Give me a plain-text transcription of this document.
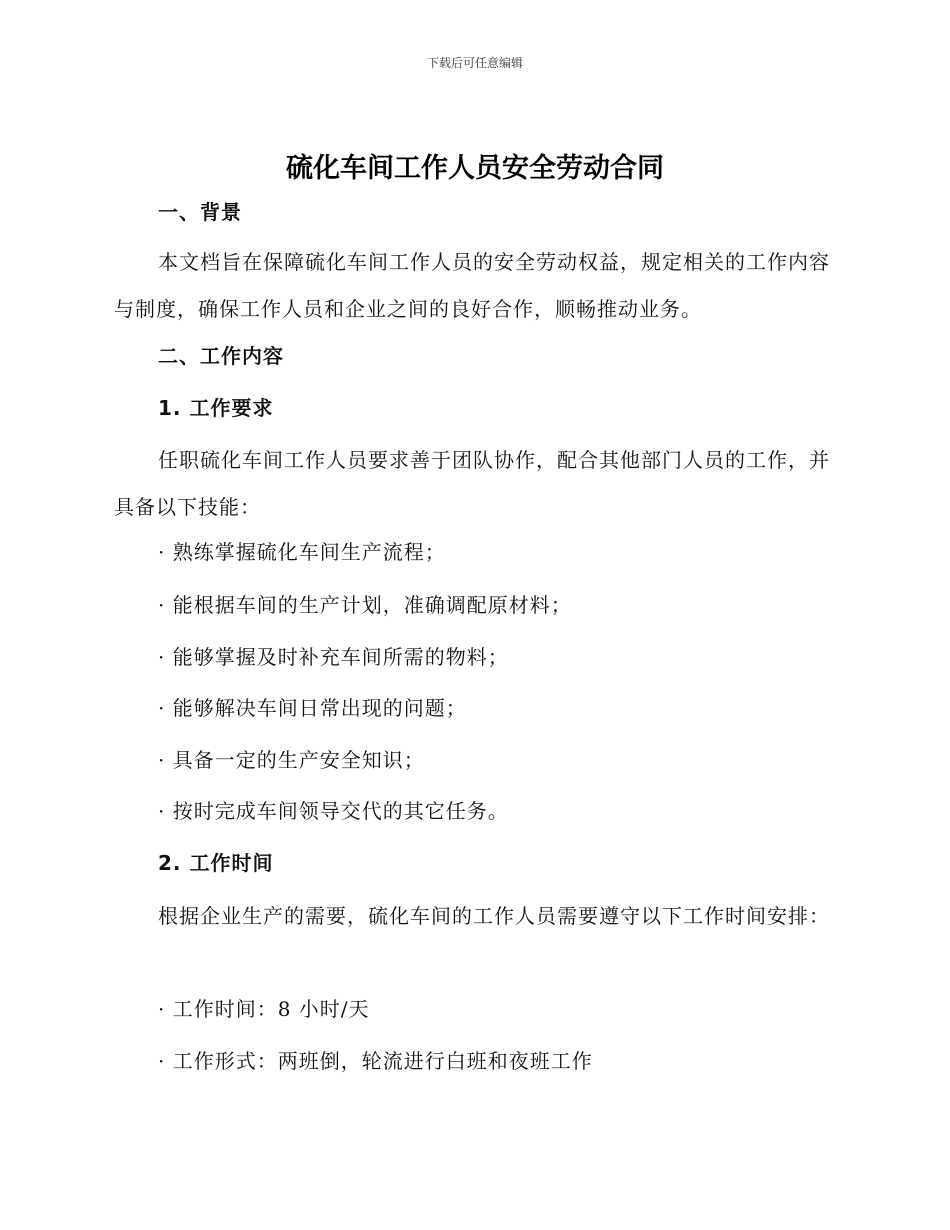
下载后可任意编辑
硫化车间工作人员安全劳动合同
一、背景
本文档旨在保障硫化车间工作人员的安全劳动权益，规定相关的工作内容与制度，确保工作人员和企业之间的良好合作，顺畅推动业务。
二、工作内容
1. 工作要求
任职硫化车间工作人员要求善于团队协作，配合其他部门人员的工作，并具备以下技能：
· 熟练掌握硫化车间生产流程；
· 能根据车间的生产计划，准确调配原材料；
· 能够掌握及时补充车间所需的物料；
· 能够解决车间日常出现的问题；
· 具备一定的生产安全知识；
· 按时完成车间领导交代的其它任务。
2. 工作时间
根据企业生产的需要，硫化车间的工作人员需要遵守以下工作时间安排：
· 工作时间：8 小时/天
· 工作形式：两班倒，轮流进行白班和夜班工作
